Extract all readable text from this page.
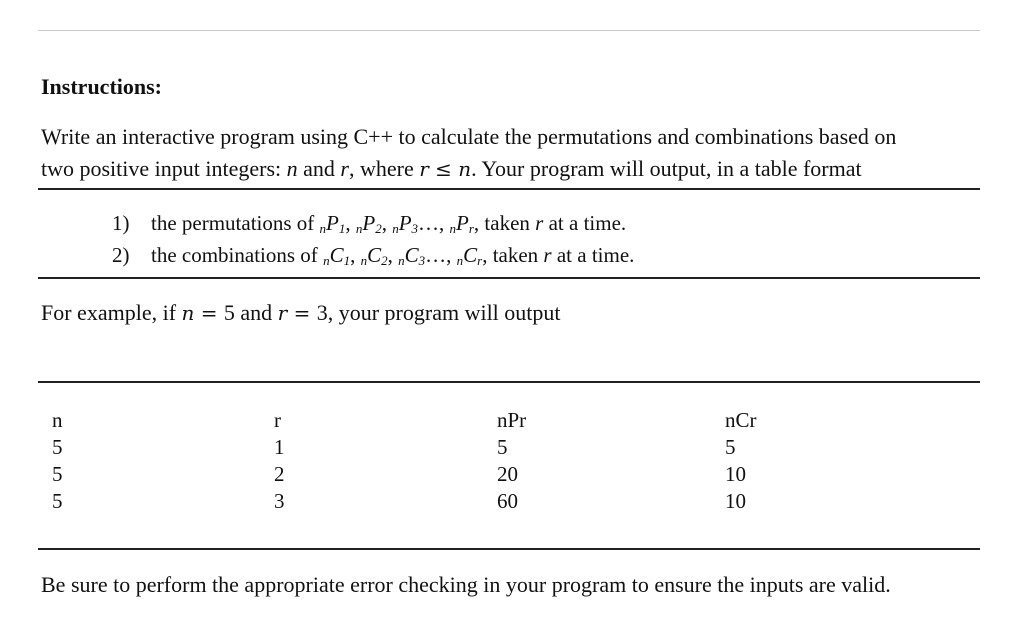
Instructions:
Write an interactive program using C++ to calculate the permutations and combinations based on
two positive input integers: n and r, where r ≤ n. Your program will output, in a table format
1) the permutations of $_nP_1$, $_nP_2$, $_nP_3\dots$, $_nP_r$, taken r at a time.
2) the combinations of $_nC_1$, $_nC_2$, $_nC_3\dots$, $_nC_r$, taken r at a time.
For example, if n = 5 and r = 3, your program will output
n	r	nPr	nCr
5	1	5	5
5	2	20	10
5	3	60	10
Be sure to perform the appropriate error checking in your program to ensure the inputs are valid.
